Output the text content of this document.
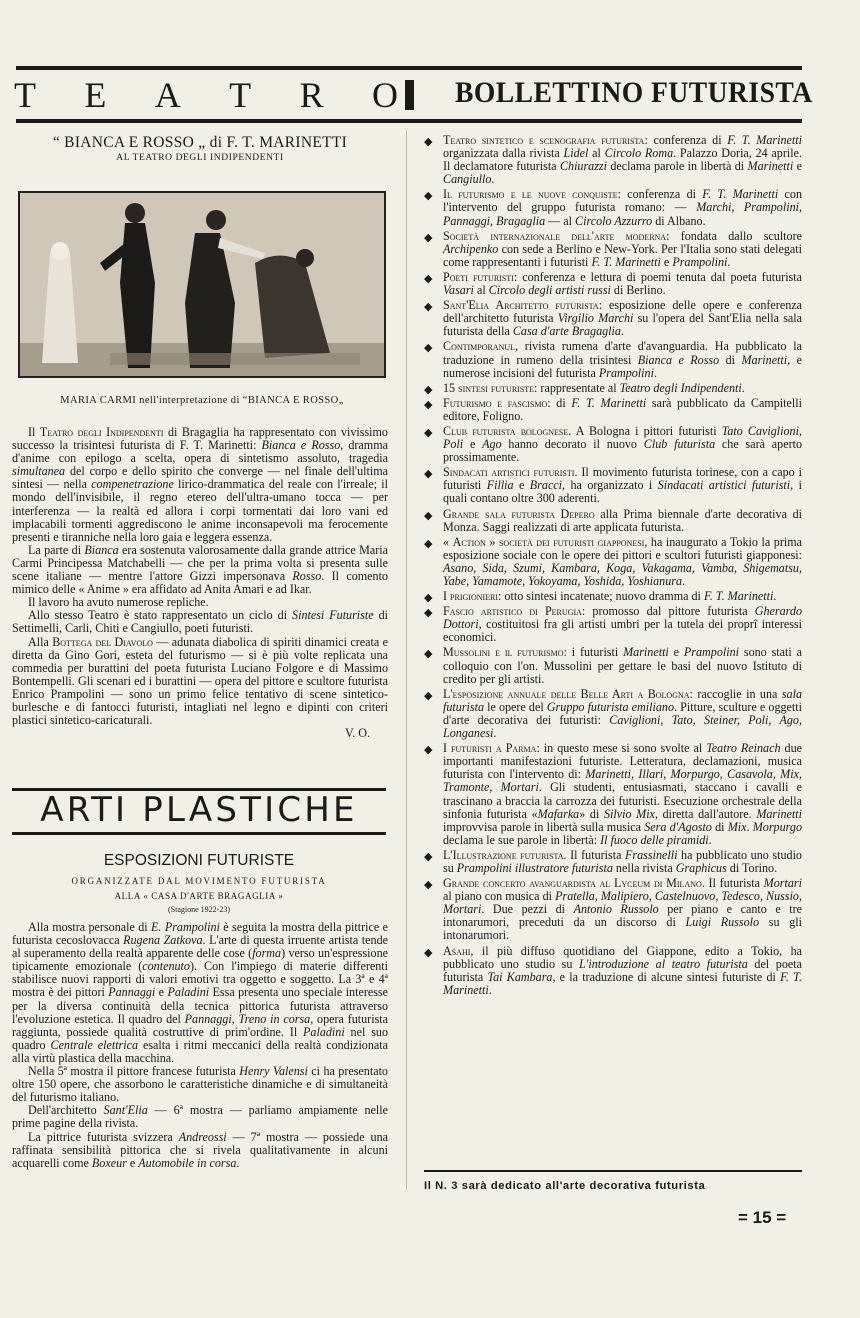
T E A T R O BOLLETTINO FUTURISTA
“ BIANCA E ROSSO „ di F. T. MARINETTI
AL TEATRO DEGLI INDIPENDENTI
MARIA CARMI nell'interpretazione di “BIANCA E ROSSO„

Il Teatro degli Indipendenti di Bragaglia ha rappresentato con vivissimo successo la trisintesi futurista di F. T. Marinetti: Bianca e Rosso, dramma d'anime con epilogo a scelta, opera di sintetismo assoluto, tragedia simultanea del corpo e dello spirito che converge — nel finale dell'ultima sintesi — nella compenetrazione lirico-drammatica del reale con l'irreale; il mondo dell'invisibile, il regno etereo dell'ultra-umano tocca — per interferenza — la realtà ed allora i corpi tormentati dai loro vani ed implacabili tormenti aggrediscono le anime inconsapevoli ma ferocemente presenti e tiranniche nella loro gaia e leggera essenza.

La parte di Bianca era sostenuta valorosamente dalla grande attrice Maria Carmi Principessa Matchabelli — che per la prima volta si presenta sulle scene italiane — mentre l'attore Gizzi impersonava Rosso. Il comento mimico delle « Anime » era affidato ad Anita Amari e ad Ikar.

Il lavoro ha avuto numerose repliche.

Allo stesso Teatro è stato rappresentato un ciclo di Sintesi Futuriste di Settimelli, Carli, Chiti e Cangiullo, poeti futuristi.

Alla Bottega del Diavolo — adunata diabolica di spiriti dinamici creata e diretta da Gino Gori, esteta del futurismo — si è più volte replicata una commedia per burattini del poeta futurista Luciano Folgore e di Massimo Bontempelli. Gli scenari ed i burattini — opera del pittore e scultore futurista Enrico Prampolini — sono un primo felice tentativo di scene sintetico-burlesche e di fantocci futuristi, intagliati nel legno e dipinti con criteri plastici sintetico-caricaturali.

V. O.
ARTI PLASTICHE
ESPOSIZIONI FUTURISTE
ORGANIZZATE DAL MOVIMENTO FUTURISTA
ALLA « CASA D'ARTE BRAGAGLIA »
(Stagione 1922-23)

Alla mostra personale di E. Prampolini è seguita la mostra della pittrice e futurista cecoslovacca Rugena Zatkova. L'arte di questa irruente artista tende al superamento della realtà apparente delle cose (forma) verso un'espressione tipicamente emozionale (contenuto). Con l'impiego di materie differenti stabilisce nuovi rapporti di valori emotivi tra oggetto e soggetto. La 3ª e 4ª mostra è dei pittori Pannaggi e Paladini Essa presenta uno speciale interesse per la diversa continuità della tecnica pittorica futurista attraverso l'evoluzione estetica. Il quadro del Pannaggi, Treno in corsa, opera futurista raggiunta, possiede qualità costruttive di prim'ordine. Il Paladini nel suo quadro Centrale elettrica esalta i ritmi meccanici della realtà condizionata alla virtù plastica della macchina.

Nella 5ª mostra il pittore francese futurista Henry Valensi ci ha presentato oltre 150 opere, che assorbono le caratteristiche dinamiche e di simultaneità del futurismo italiano.

Dell'architetto Sant'Elia — 6ª mostra — parliamo ampiamente nelle prime pagine della rivista.

La pittrice futurista svizzera Andreossi — 7ª mostra — possiede una raffinata sensibilità pittorica che si rivela qualitativamente in alcuni acquarelli come Boxeur e Automobile in corsa.

◆ Teatro sintetico e scenografia futurista: conferenza di F. T. Marinetti organizzata dalla rivista Lidel al Circolo Roma. Palazzo Doria, 24 aprile. Il declamatore futurista Chiurazzi declama parole in libertà di Marinetti e Cangiullo.
◆ Il futurismo e le nuove conquiste: conferenza di F. T. Marinetti con l'intervento del gruppo futurista romano: — Marchi, Prampolini, Pannaggi, Bragaglia — al Circolo Azzurro di Albano.
◆ Società internazionale dell'arte moderna: fondata dallo scultore Archipenko con sede a Berlino e New-York. Per l'Italia sono stati delegati come rappresentanti i futuristi F. T. Marinetti e Prampolini.
◆ Poeti futuristi: conferenza e lettura di poemi tenuta dal poeta futurista Vasari al Circolo degli artisti russi di Berlino.
◆ Sant'Elia Architetto futurista: esposizione delle opere e conferenza dell'architetto futurista Virgilio Marchi su l'opera del Sant'Elia nella sala futurista della Casa d'arte Bragaglia.
◆ Contimporanul, rivista rumena d'arte d'avanguardia. Ha pubblicato la traduzione in rumeno della trisintesi Bianca e Rosso di Marinetti, e numerose incisioni del futurista Prampolini.
◆ 15 sintesi futuriste: rappresentate al Teatro degli Indipendenti.
◆ Futurismo e fascismo: di F. T. Marinetti sarà pubblicato da Campitelli editore, Foligno.
◆ Club futurista bolognese. A Bologna i pittori futuristi Tato Caviglioni, Poli e Ago hanno decorato il nuovo Club futurista che sarà aperto prossimamente.
◆ Sindacati artistici futuristi. Il movimento futurista torinese, con a capo i futuristi Fillia e Bracci, ha organizzato i Sindacati artistici futuristi, i quali contano oltre 300 aderenti.
◆ Grande sala futurista Depero alla Prima biennale d'arte decorativa di Monza. Saggi realizzati di arte applicata futurista.
◆ « Action » società dei futuristi giapponesi, ha inaugurato a Tokio la prima esposizione sociale con le opere dei pittori e scultori futuristi giapponesi: Asano, Sida, Szumi, Kambara, Koga, Vakagama, Vamba, Shigematsu, Yabe, Yamamote, Yokoyama, Yoshida, Yoshianura.
◆ I prigionieri: otto sintesi incatenate; nuovo dramma di F. T. Marinetti.
◆ Fascio artistico di Perugia: promosso dal pittore futurista Gherardo Dottori, costituitosi fra gli artisti umbri per la tutela dei proprî interessi economici.
◆ Mussolini e il futurismo: i futuristi Marinetti e Prampolini sono stati a colloquio con l'on. Mussolini per gettare le basi del nuovo Istituto di credito per gli artisti.
◆ L'esposizione annuale delle Belle Arti a Bologna: raccoglie in una sala futurista le opere del Gruppo futurista emiliano. Pitture, sculture e oggetti d'arte decorativa dei futuristi: Caviglioni, Tato, Steiner, Poli, Ago, Longanesi.
◆ I futuristi a Parma: in questo mese si sono svolte al Teatro Reinach due importanti manifestazioni futuriste. Letteratura, declamazioni, musica futurista con l'intervento di: Marinetti, Illari, Morpurgo, Casavola, Mix, Tramonte, Mortari. Gli studenti, entusiasmati, staccano i cavalli e trascinano a braccia la carrozza dei futuristi. Esecuzione orchestrale della sinfonia futurista «Mafarka» di Silvio Mix, diretta dall'autore. Marinetti improvvisa parole in libertà sulla musica Sera d'Agosto di Mix. Morpurgo declama le sue parole in libertà: Il fuoco delle piramidi.
◆ L'Illustrazione futurista. Il futurista Frassinelli ha pubblicato uno studio su Prampolini illustratore futurista nella rivista Graphicus di Torino.
◆ Grande concerto avanguardista al Lyceum di Milano. Il futurista Mortari al piano con musica di Pratella, Malipiero, Castelnuovo, Tedesco, Nussio, Mortari. Due pezzi di Antonio Russolo per piano e canto e tre intonarumori, preceduti da un discorso di Luigi Russolo su gli intonarumori.
◆ Asahi, il più diffuso quotidiano del Giappone, edito a Tokio, ha pubblicato uno studio su L'introduzione al teatro futurista del poeta futurista Tai Kambara, e la traduzione di alcune sintesi futuriste di F. T. Marinetti.
Il N. 3 sarà dedicato all'arte decorativa futurista
= 15 =
